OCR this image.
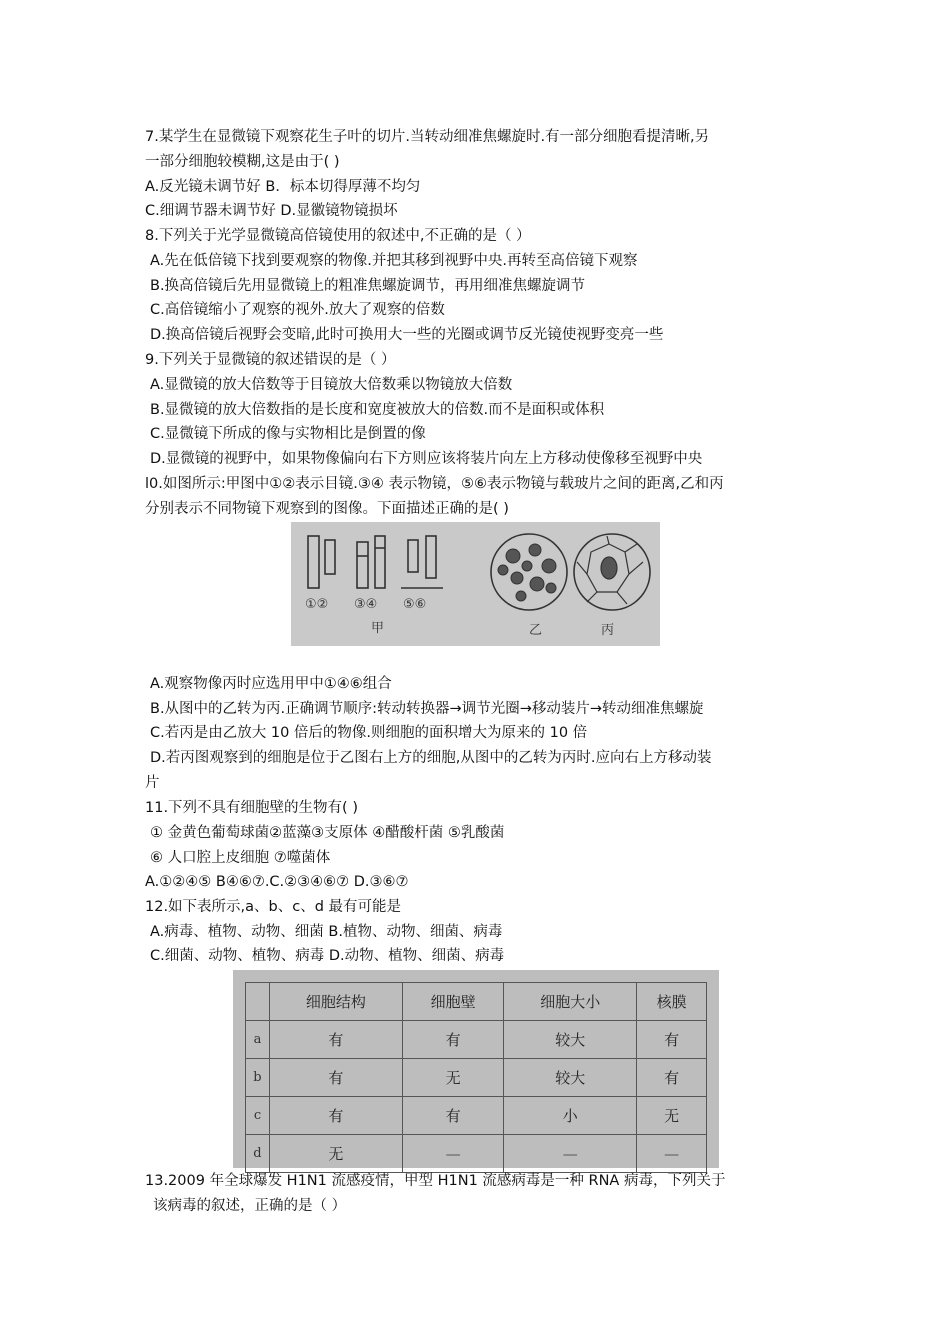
7.某学生在显微镜下观察花生子叶的切片.当转动细准焦螺旋时.有一部分细胞看提清晰,另
一部分细胞较模糊,这是由于( )
A.反光镜未调节好 B．标本切得厚薄不均匀
C.细调节器未调节好 D.显徽镜物镜损坏
8.下列关于光学显微镜高倍镜使用的叙述中,不正确的是（ ）
A.先在低倍镜下找到要观察的物像.并把其移到视野中央.再转至高倍镜下观察
B.换高倍镜后先用显微镜上的粗准焦螺旋调节，再用细准焦螺旋调节
C.高倍镜缩小了观察的视外.放大了观察的倍数
D.换高倍镜后视野会变暗,此时可换用大一些的光圈或调节反光镜使视野变亮一些
9.下列关于显微镜的叙述错误的是（ ）
A.显微镜的放大倍数等于目镜放大倍数乘以物镜放大倍数
B.显微镜的放大倍数指的是长度和宽度被放大的倍数.而不是面积或体积
C.显微镜下所成的像与实物相比是倒置的像
D.显微镜的视野中，如果物像偏向右下方则应该将装片向左上方移动使像移至视野中央
l0.如图所示:甲图中①②表示目镜.③④ 表示物镜，⑤⑥表示物镜与载玻片之间的距离,乙和丙
分别表示不同物镜下观察到的图像。下面描述正确的是( )
①② ③④ ⑤⑥
甲	乙	丙
A.观察物像丙时应选用甲中①④⑥组合
B.从图中的乙转为丙.正确调节顺序:转动转换器→调节光圈→移动装片→转动细准焦螺旋
C.若丙是由乙放大 10 倍后的物像.则细胞的面积增大为原来的 10 倍
D.若丙图观察到的细胞是位于乙图右上方的细胞,从图中的乙转为丙时.应向右上方移动装
片
11.下列不具有细胞壁的生物有( )
① 金黄色葡萄球菌②蓝藻③支原体 ④醋酸杆菌 ⑤乳酸菌
⑥ 人口腔上皮细胞 ⑦噬菌体
A.①②④⑤ B④⑥⑦.C.②③④⑥⑦ D.③⑥⑦
12.如下表所示,a、b、c、d 最有可能是
A.病毒、植物、动物、细菌 B.植物、动物、细菌、病毒
C.细菌、动物、植物、病毒 D.动物、植物、细菌、病毒
	细胞结构	细胞壁	细胞大小	核膜
a	有	有	较大	有
b	有	无	较大	有
c	有	有	小	无
d	无	—	—	—
13.2009 年全球爆发 H1N1 流感疫情，甲型 H1N1 流感病毒是一种 RNA 病毒，下列关于
该病毒的叙述，正确的是（ ）
